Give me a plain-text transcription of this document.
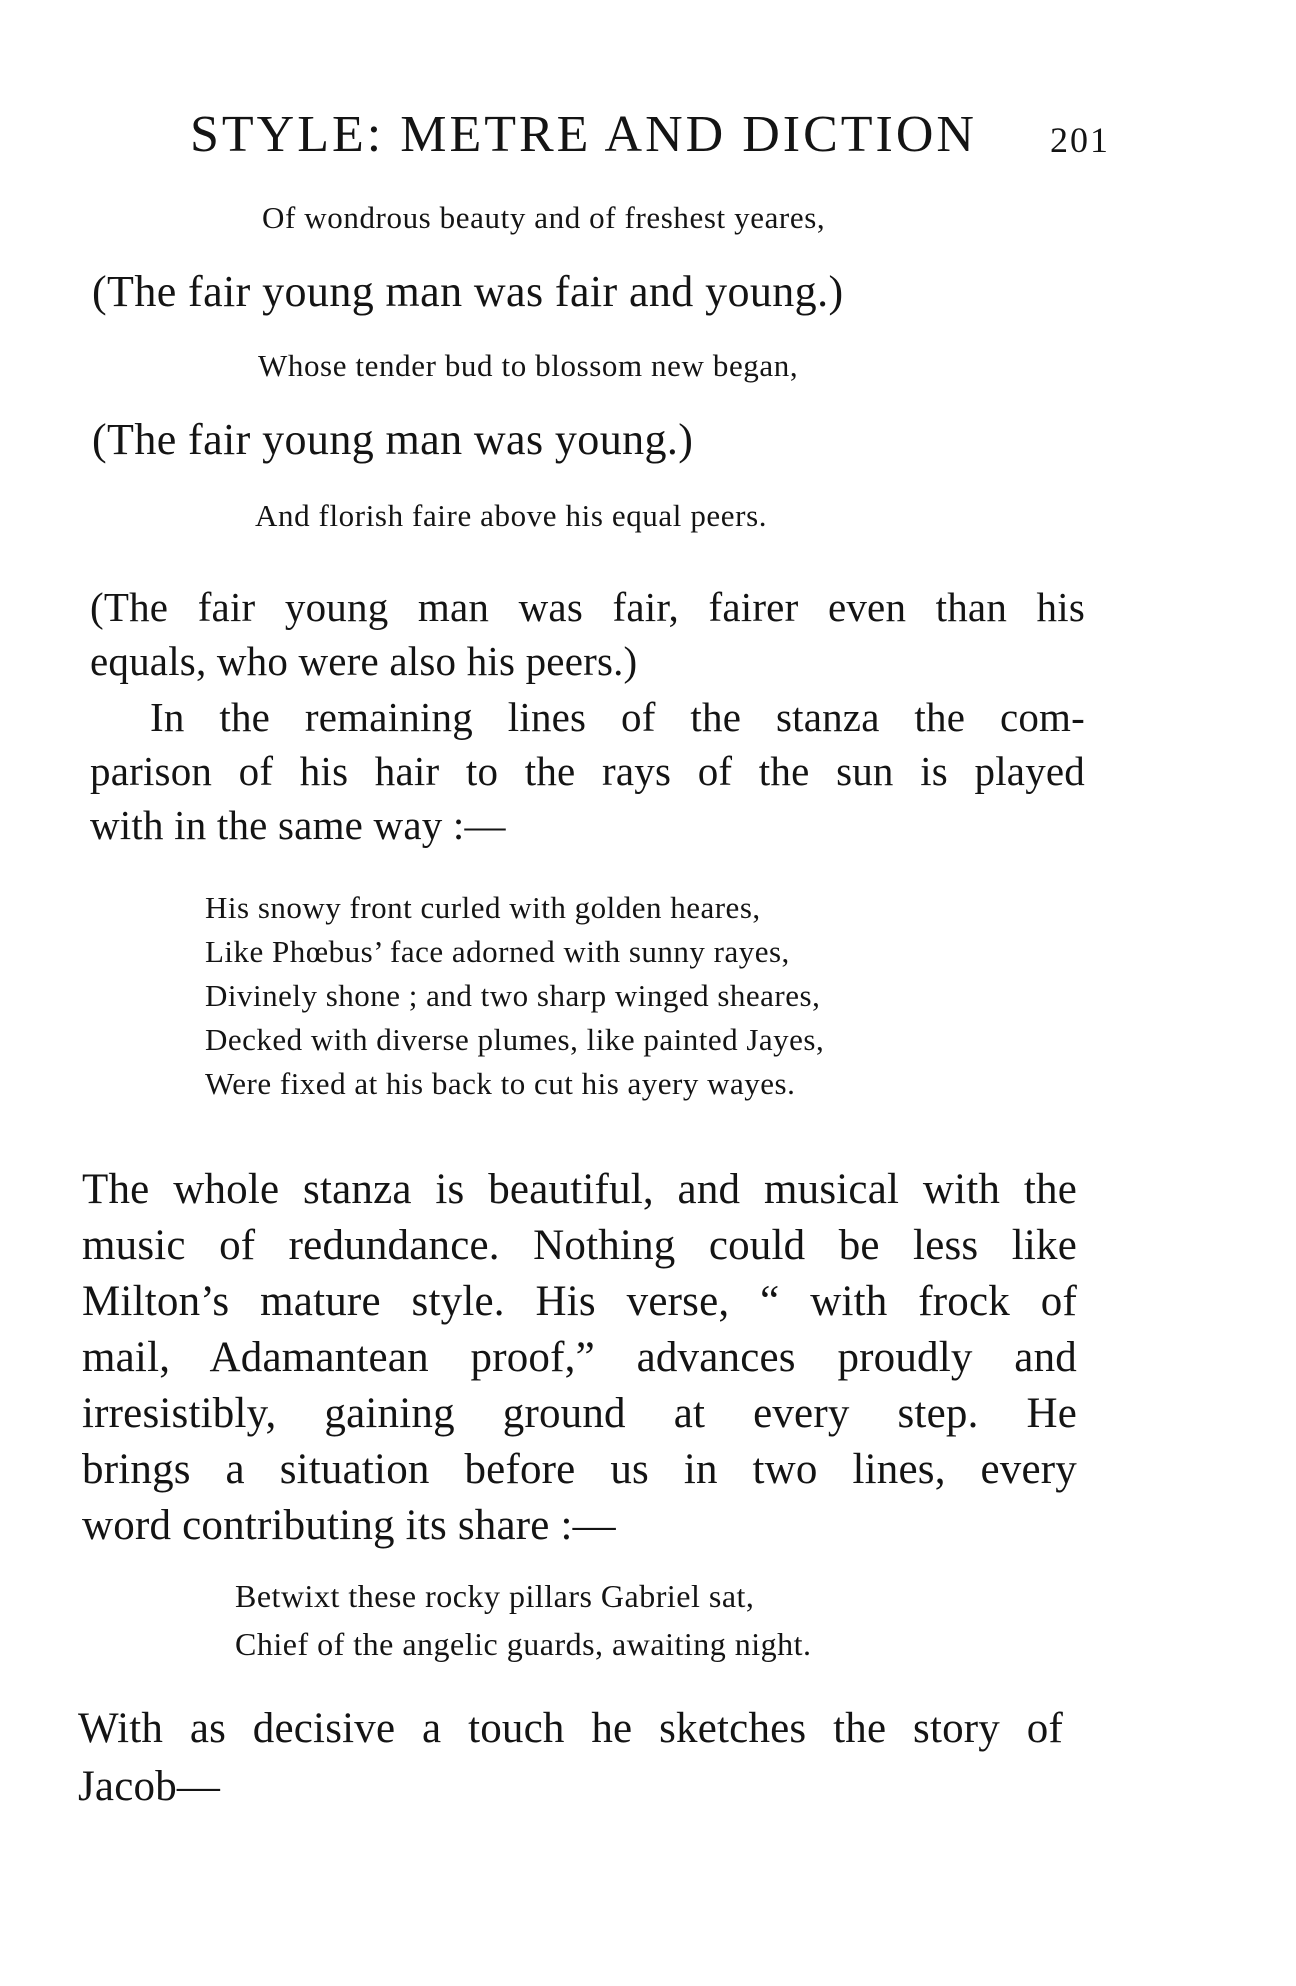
STYLE: METRE AND DICTION 201
Of wondrous beauty and of freshest yeares,
(The fair young man was fair and young.)
Whose tender bud to blossom new began,
(The fair young man was young.)
And florish faire above his equal peers.
(The fair young man was fair, fairer even than his
equals, who were also his peers.)
In the remaining lines of the stanza the com-
parison of his hair to the rays of the sun is played
with in the same way :—
His snowy front curled with golden heares,
Like Phœbus’ face adorned with sunny rayes,
Divinely shone ; and two sharp winged sheares,
Decked with diverse plumes, like painted Jayes,
Were fixed at his back to cut his ayery wayes.
The whole stanza is beautiful, and musical with the
music of redundance. Nothing could be less like
Milton’s mature style. His verse, “ with frock of
mail, Adamantean proof,” advances proudly and
irresistibly, gaining ground at every step. He
brings a situation before us in two lines, every
word contributing its share :—
Betwixt these rocky pillars Gabriel sat,
Chief of the angelic guards, awaiting night.
With as decisive a touch he sketches the story of
Jacob—
